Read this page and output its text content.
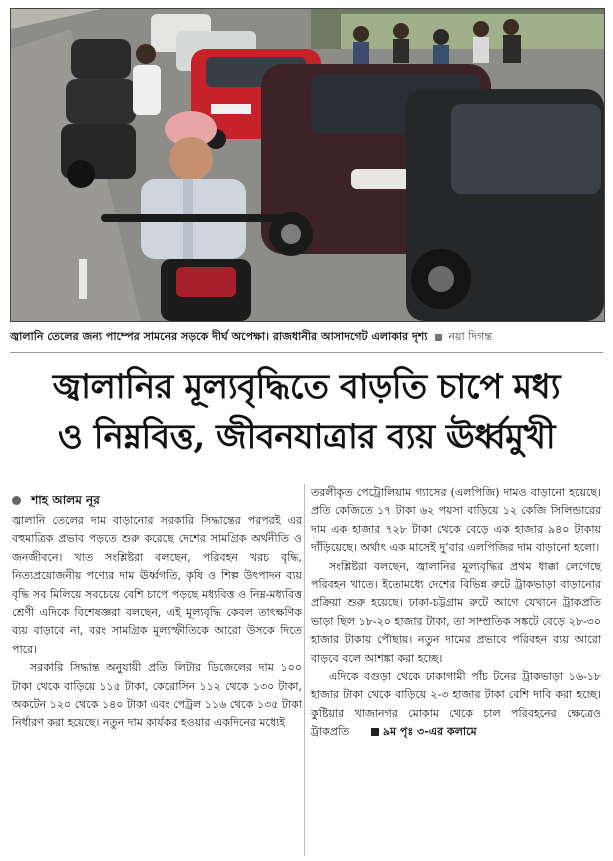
জ্বালানি তেলের জন্য পাম্পের সামনের সড়কে দীর্ঘ অপেক্ষা। রাজধানীর আসাদগেট এলাকার দৃশ্য নয়া দিগন্ত
জ্বালানির মূল্যবৃদ্ধিতে বাড়তি চাপে মধ্য
ও নিম্নবিত্ত, জীবনযাত্রার ব্যয় ঊর্ধ্বমুখী
শাহ আলম নূর

জ্বালানি তেলের দাম বাড়ানোর সরকারি সিদ্ধান্তের পরপরই এর বহুমাত্রিক প্রভাব পড়তে শুরু করেছে দেশের সামগ্রিক অর্থনীতি ও জনজীবনে। খাত সংশ্লিষ্টরা বলছেন, পরিবহন খরচ বৃদ্ধি, নিত্যপ্রয়োজনীয় পণ্যের দাম ঊর্ধ্বগতি, কৃষি ও শিল্প উৎপাদন ব্যয় বৃদ্ধি সব মিলিয়ে সবচেয়ে বেশি চাপে পড়ছে মধ্যবিত্ত ও নিম্ন-মধ্যবিত্ত শ্রেণী এদিকে বিশেষজ্ঞরা বলছেন, এই মূল্যবৃদ্ধি কেবল তাৎক্ষণিক ব্যয় বাড়াবে না, বরং সামগ্রিক মূল্যস্ফীতিকে আরো উসকে দিতে পারে।

সরকারি সিদ্ধান্ত অনুযায়ী প্রতি লিটার ডিজেলের দাম ১০০ টাকা থেকে বাড়িয়ে ১১৫ টাকা, কেরোসিন ১১২ থেকে ১৩০ টাকা, অকটেন ১২০ থেকে ১৪০ টাকা এবং পেট্রল ১১৬ থেকে ১৩৫ টাকা নির্ধারণ করা হয়েছে। নতুন দাম কার্যকর হওয়ার একদিনের মধ্যেই

তরলীকৃত পেট্রোলিয়াম গ্যাসের (এলপিজি) দামও বাড়ানো হয়েছে। প্রতি কেজিতে ১৭ টাকা ৬২ পয়সা বাড়িয়ে ১২ কেজি সিলিন্ডারের দাম এক হাজার ৭২৮ টাকা থেকে বেড়ে এক হাজার ৯৪০ টাকায় দাঁড়িয়েছে। অর্থাৎ এক মাসেই দু’বার এলপিজির দাম বাড়ানো হলো।

সংশ্লিষ্টরা বলছেন, জ্বালানির মূল্যবৃদ্ধির প্রথম ধাক্কা লেগেছে পরিবহন খাতে। ইতোমধ্যে দেশের বিভিন্ন রুটে ট্রাকভাড়া বাড়ানোর প্রক্রিয়া শুরু হয়েছে। ঢাকা-চট্টগ্রাম রুটে আগে যেখানে ট্রাকপ্রতি ভাড়া ছিল ১৮-২০ হাজার টাকা, তা সাম্প্রতিক সঙ্কটে বেড়ে ২৮-৩০ হাজার টাকায় পৌছায়। নতুন দামের প্রভাবে পরিবহন ব্যয় আরো বাড়বে বলে আশঙ্কা করা হচ্ছে।

এদিকে বগুড়া থেকে ঢাকাগামী পাঁচ টনের ট্রাকভাড়া ১৬-১৮ হাজার টাকা থেকে বাড়িয়ে ২-৩ হাজার টাকা বেশি দাবি করা হচ্ছে। কুষ্টিয়ার খাজানগর মোকাম থেকে চাল পরিবহনের ক্ষেত্রেও ট্রাকপ্রতি	৯ম পৃঃ ৩-এর কলামে
